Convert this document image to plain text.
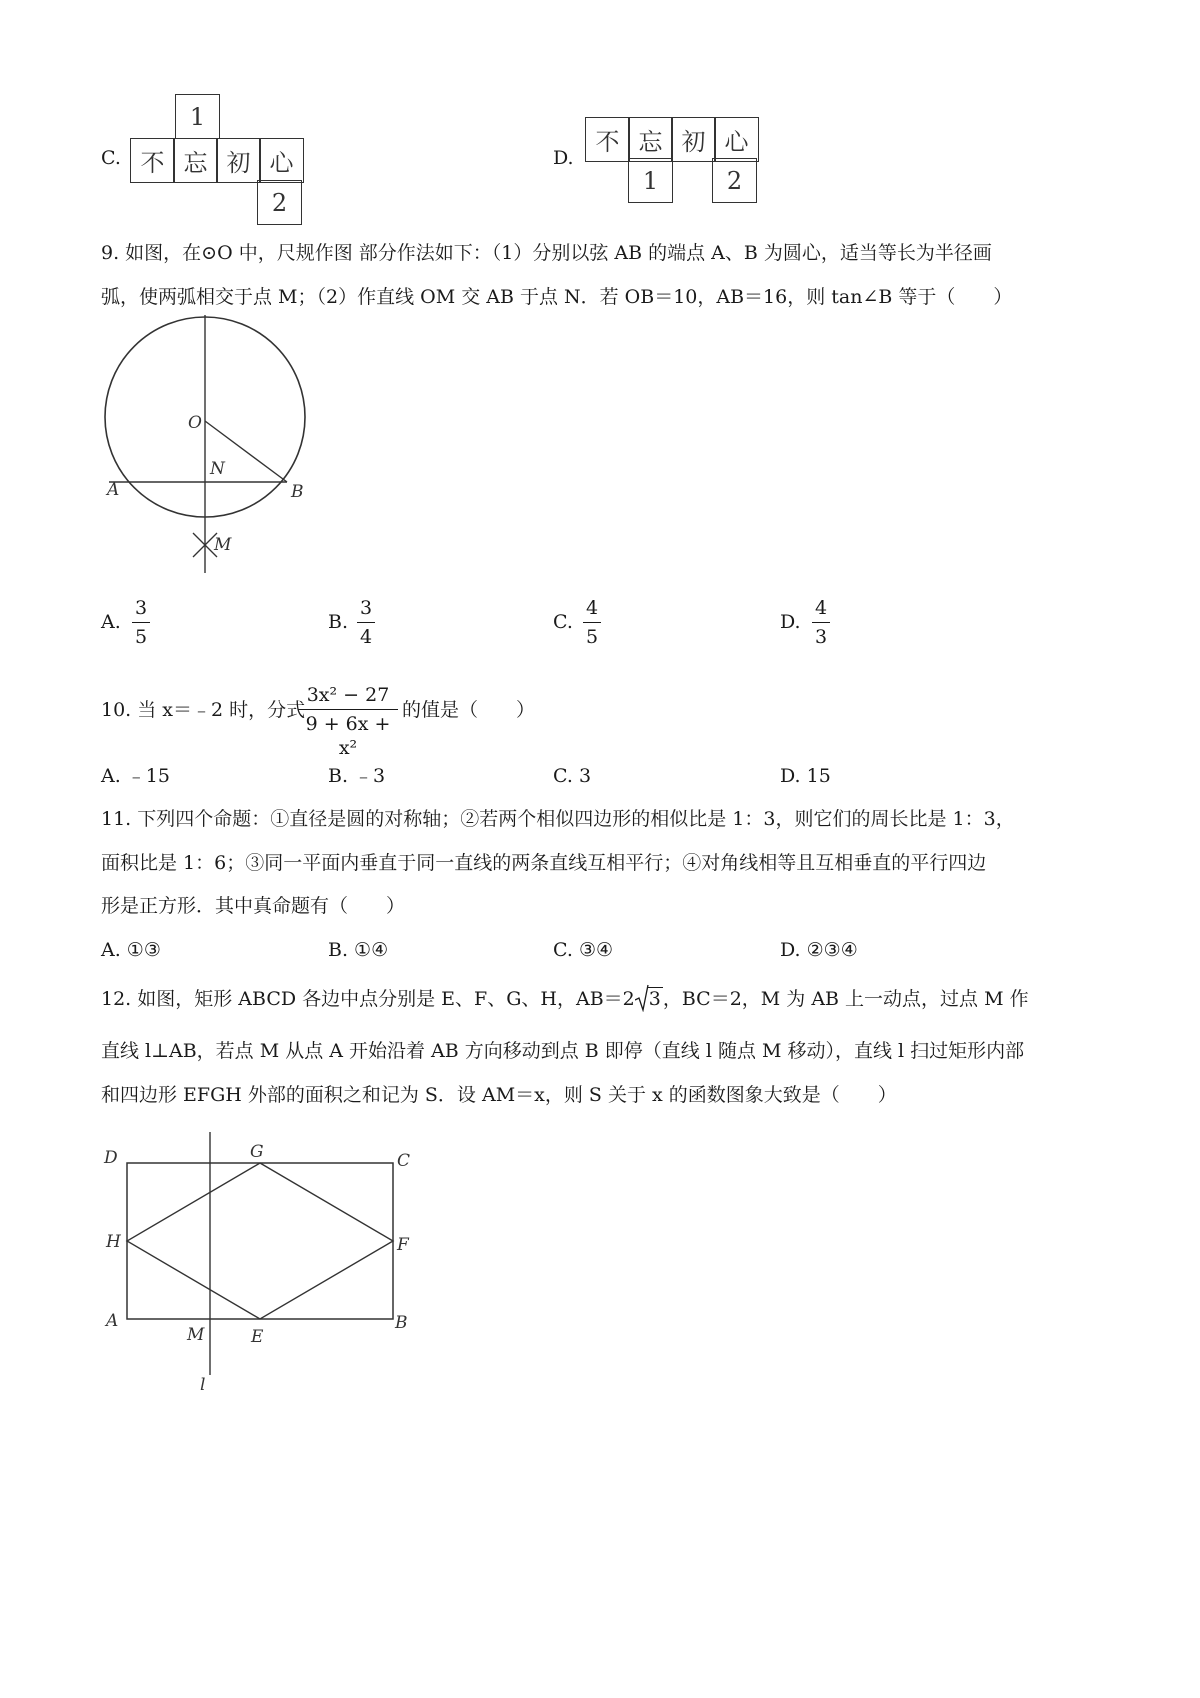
C.
1
不 忘 初 心
2
D.
不 忘 初 心
1	2
9. 如图，在⊙O 中，尺规作图 部分作法如下：（1）分别以弦 AB 的端点 A、B 为圆心，适当等长为半径画
弧，使两弧相交于点 M；（2）作直线 OM 交 AB 于点 N．若 OB＝10，AB＝16，则 tan∠B 等于（　　）
O
N
A	B
M
A.
3
5
B.
3
4
C.
4
5
D.
4
3
10. 当 x＝﹣2 时，分式
3x² − 27
9 + 6x + x²
的值是（　　）
A. ﹣15	B. ﹣3	C. 3	D. 15
11. 下列四个命题：①直径是圆的对称轴；②若两个相似四边形的相似比是 1：3，则它们的周长比是 1：3，
面积比是 1：6；③同一平面内垂直于同一直线的两条直线互相平行；④对角线相等且互相垂直的平行四边
形是正方形．其中真命题有（　　）
A. ①③	B. ①④	C. ③④	D. ②③④
12. 如图，矩形 ABCD 各边中点分别是 E、F、G、H，AB＝2 3 ，BC＝2，M 为 AB 上一动点，过点 M 作
直线 l⊥AB，若点 M 从点 A 开始沿着 AB 方向移动到点 B 即停（直线 l 随点 M 移动），直线 l 扫过矩形内部
和四边形 EFGH 外部的面积之和记为 S．设 AM＝x，则 S 关于 x 的函数图象大致是（　　）
D	G	C
H	F
A
M	E
B
l
